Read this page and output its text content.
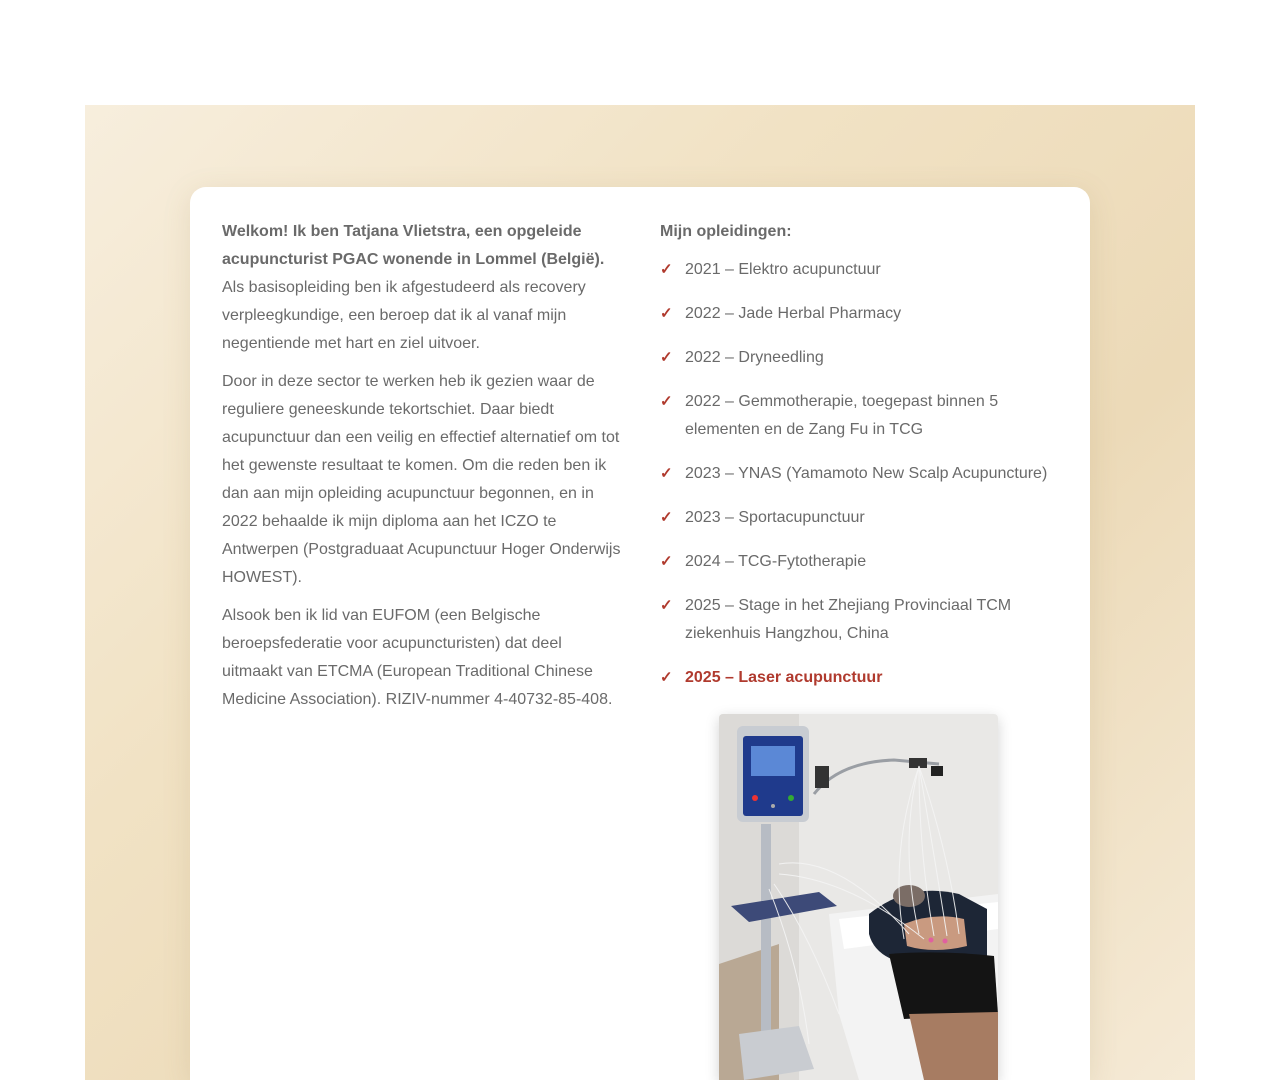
Welkom! Ik ben Tatjana Vlietstra, een opgeleide acupuncturist PGAC wonende in Lommel (België).
Als basisopleiding ben ik afgestudeerd als recovery verpleegkundige, een beroep dat ik al vanaf mijn negentiende met hart en ziel uitvoer.

Door in deze sector te werken heb ik gezien waar de reguliere geneeskunde tekortschiet. Daar biedt acupunctuur dan een veilig en effectief alternatief om tot het gewenste resultaat te komen. Om die reden ben ik dan aan mijn opleiding acupunctuur begonnen, en in 2022 behaalde ik mijn diploma aan het ICZO te Antwerpen (Postgraduaat Acupunctuur Hoger Onderwijs HOWEST).

Alsook ben ik lid van EUFOM (een Belgische beroepsfederatie voor acupuncturisten) dat deel uitmaakt van ETCMA (European Traditional Chinese Medicine Association). RIZIV-nummer 4-40732-85-408.

Mijn opleidingen:
✓ 2021 – Elektro acupunctuur
✓ 2022 – Jade Herbal Pharmacy
✓ 2022 – Dryneedling
✓ 2022 – Gemmotherapie, toegepast binnen 5 elementen en de Zang Fu in TCG
✓ 2023 – YNAS (Yamamoto New Scalp Acupuncture)
✓ 2023 – Sportacupunctuur
✓ 2024 – TCG-Fytotherapie
✓ 2025 – Stage in het Zhejiang Provinciaal TCM ziekenhuis Hangzhou, China
✓ 2025 – Laser acupunctuur
